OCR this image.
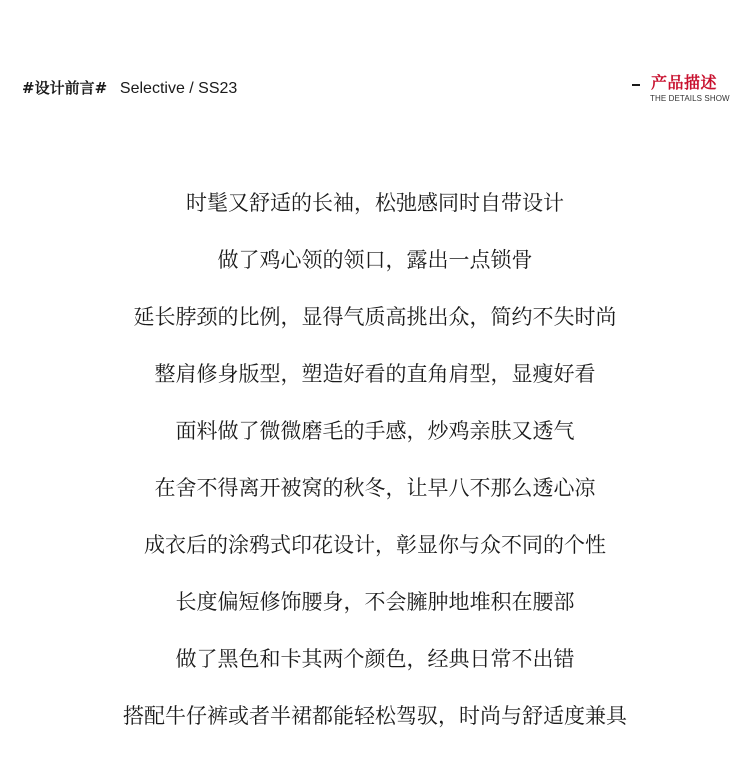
#设计前言# Selective / SS23	产品描述
THE DETAILS SHOW
时髦又舒适的长袖，松弛感同时自带设计
做了鸡心领的领口，露出一点锁骨
延长脖颈的比例，显得气质高挑出众，简约不失时尚
整肩修身版型，塑造好看的直角肩型，显瘦好看
面料做了微微磨毛的手感，炒鸡亲肤又透气
在舍不得离开被窝的秋冬，让早八不那么透心凉
成衣后的涂鸦式印花设计，彰显你与众不同的个性
长度偏短修饰腰身，不会臃肿地堆积在腰部
做了黑色和卡其两个颜色，经典日常不出错
搭配牛仔裤或者半裙都能轻松驾驭，时尚与舒适度兼具
